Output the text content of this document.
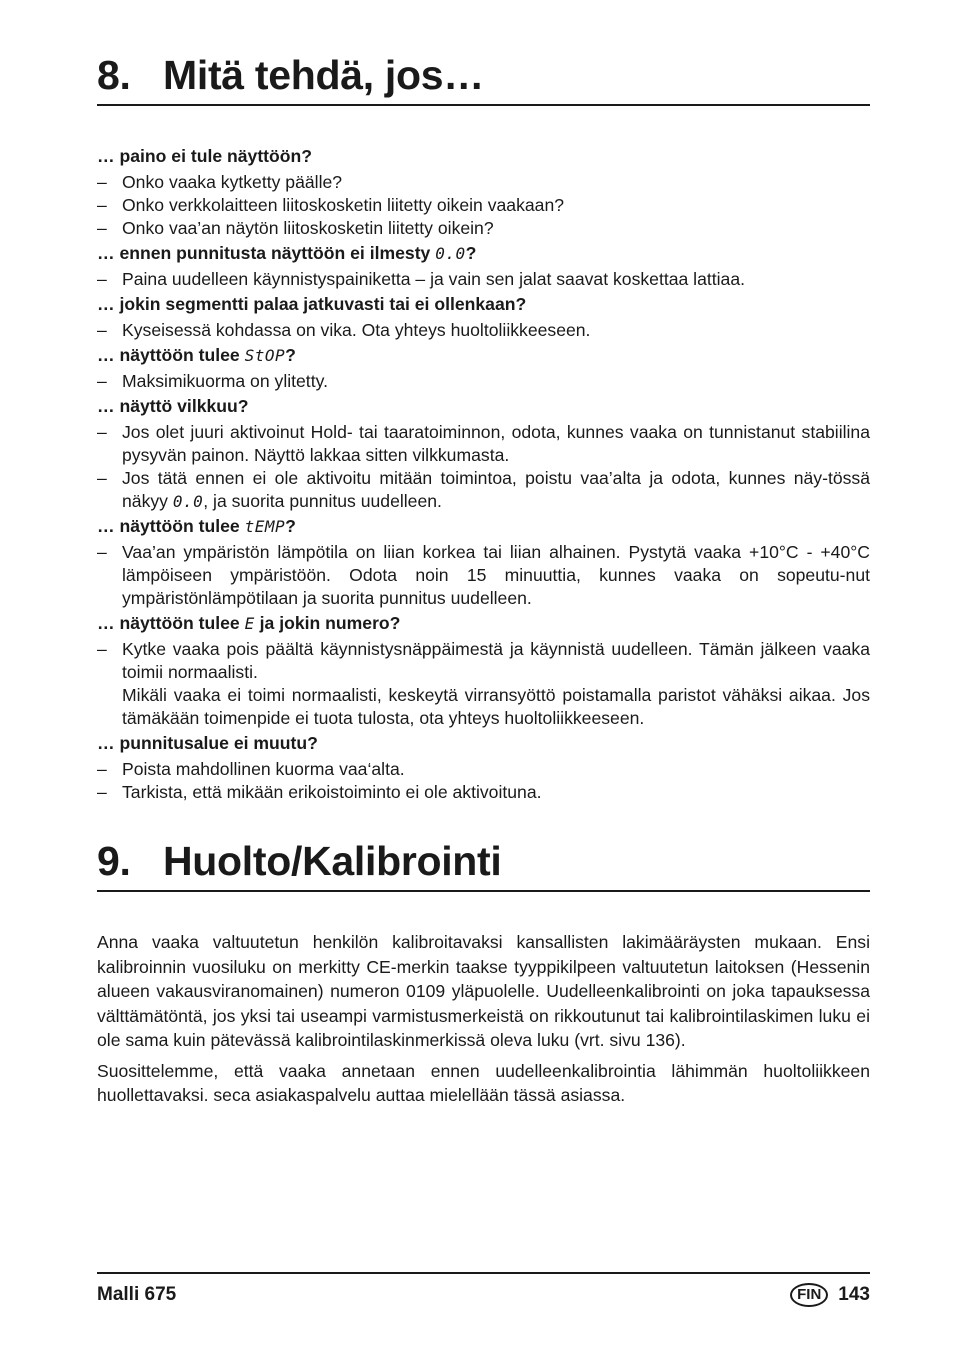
8. Mitä tehdä, jos…
… paino ei tule näyttöön?
– Onko vaaka kytketty päälle?
– Onko verkkolaitteen liitoskosketin liitetty oikein vaakaan?
– Onko vaa’an näytön liitoskosketin liitetty oikein?
… ennen punnitusta näyttöön ei ilmesty 0.0?
– Paina uudelleen käynnistyspainiketta – ja vain sen jalat saavat koskettaa lattiaa.
… jokin segmentti palaa jatkuvasti tai ei ollenkaan?
– Kyseisessä kohdassa on vika. Ota yhteys huoltoliikkeeseen.
… näyttöön tulee StOP?
– Maksimikuorma on ylitetty.
… näyttö vilkkuu?
– Jos olet juuri aktivoinut Hold- tai taaratoiminnon, odota, kunnes vaaka on tunnistanut stabiilina pysyvän painon. Näyttö lakkaa sitten vilkkumasta.
– Jos tätä ennen ei ole aktivoitu mitään toimintoa, poistu vaa’alta ja odota, kunnes näy-tössä näkyy 0.0, ja suorita punnitus uudelleen.
… näyttöön tulee tEMP?
– Vaa’an ympäristön lämpötila on liian korkea tai liian alhainen. Pystytä vaaka +10°C - +40°C lämpöiseen ympäristöön. Odota noin 15 minuuttia, kunnes vaaka on sopeutu-nut ympäristönlämpötilaan ja suorita punnitus uudelleen.
… näyttöön tulee E ja jokin numero?
– Kytke vaaka pois päältä käynnistysnäppäimestä ja käynnistä uudelleen. Tämän jälkeen vaaka toimii normaalisti.
Mikäli vaaka ei toimi normaalisti, keskeytä virransyöttö poistamalla paristot vähäksi aikaa. Jos tämäkään toimenpide ei tuota tulosta, ota yhteys huoltoliikkeeseen.
… punnitusalue ei muutu?
– Poista mahdollinen kuorma vaa‘alta.
– Tarkista, että mikään erikoistoiminto ei ole aktivoituna.
9. Huolto/Kalibrointi

Anna vaaka valtuutetun henkilön kalibroitavaksi kansallisten lakimääräysten mukaan. Ensi kalibroinnin vuosiluku on merkitty CE-merkin taakse tyyppikilpeen valtuutetun laitoksen (Hessenin alueen vakausviranomainen) numeron 0109 yläpuolelle. Uudelleenkalibrointi on joka tapauksessa välttämätöntä, jos yksi tai useampi varmistusmerkeistä on rikkoutunut tai kalibrointilaskimen luku ei ole sama kuin pätevässä kalibrointilaskinmerkissä oleva luku (vrt. sivu 136).

Suosittelemme, että vaaka annetaan ennen uudelleenkalibrointia lähimmän huoltoliikkeen huollettavaksi. seca asiakaspalvelu auttaa mielellään tässä asiassa.

Malli 675	FIN 143
